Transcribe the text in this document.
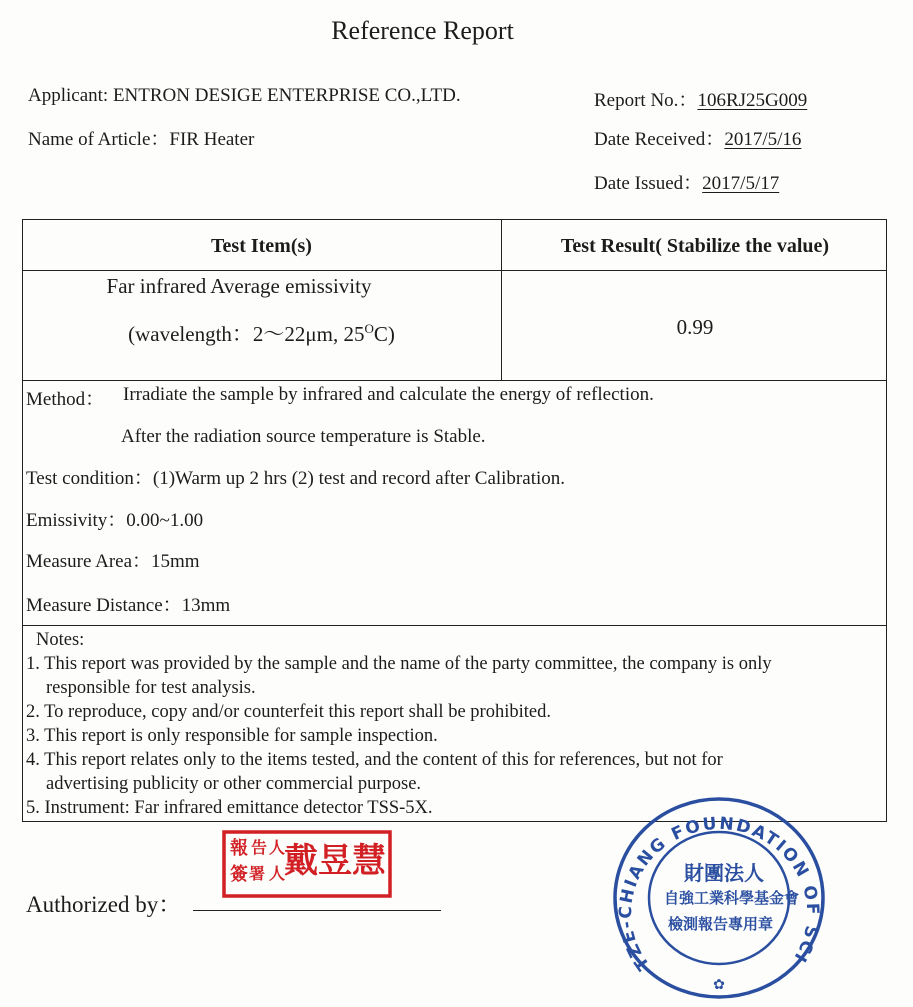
Reference Report
Applicant: ENTRON DESIGE ENTERPRISE CO.,LTD.
Name of Article：FIR Heater
Report No.：106RJ25G009
Date Received：2017/5/16
Date Issued：2017/5/17
Test Item(s)	Test Result( Stabilize the value)
Far infrared Average emissivity
(wavelength：2～22μm, $25^OC$)	0.99
Method： Irradiate the sample by infrared and calculate the energy of reflection.
After the radiation source temperature is Stable.
Test condition：(1)Warm up 2 hrs (2) test and record after Calibration.
Emissivity：0.00~1.00
Measure Area：15mm
Measure Distance：13mm
Notes:
1. This report was provided by the sample and the name of the party committee, the company is only
responsible for test analysis.
2. To reproduce, copy and/or counterfeit this report shall be prohibited.
3. This report is only responsible for sample inspection.
4. This report relates only to the items tested, and the content of this for references, but not for
advertising publicity or other commercial purpose.
5. Instrument: Far infrared emittance detector TSS-5X.
Authorized by：
報
簽
告
署
人
人
戴昱慧
TZE-CHIANG FOUNDATION OF SCI
✿
財團法人
自強工業科學基金會
檢測報告專用章
